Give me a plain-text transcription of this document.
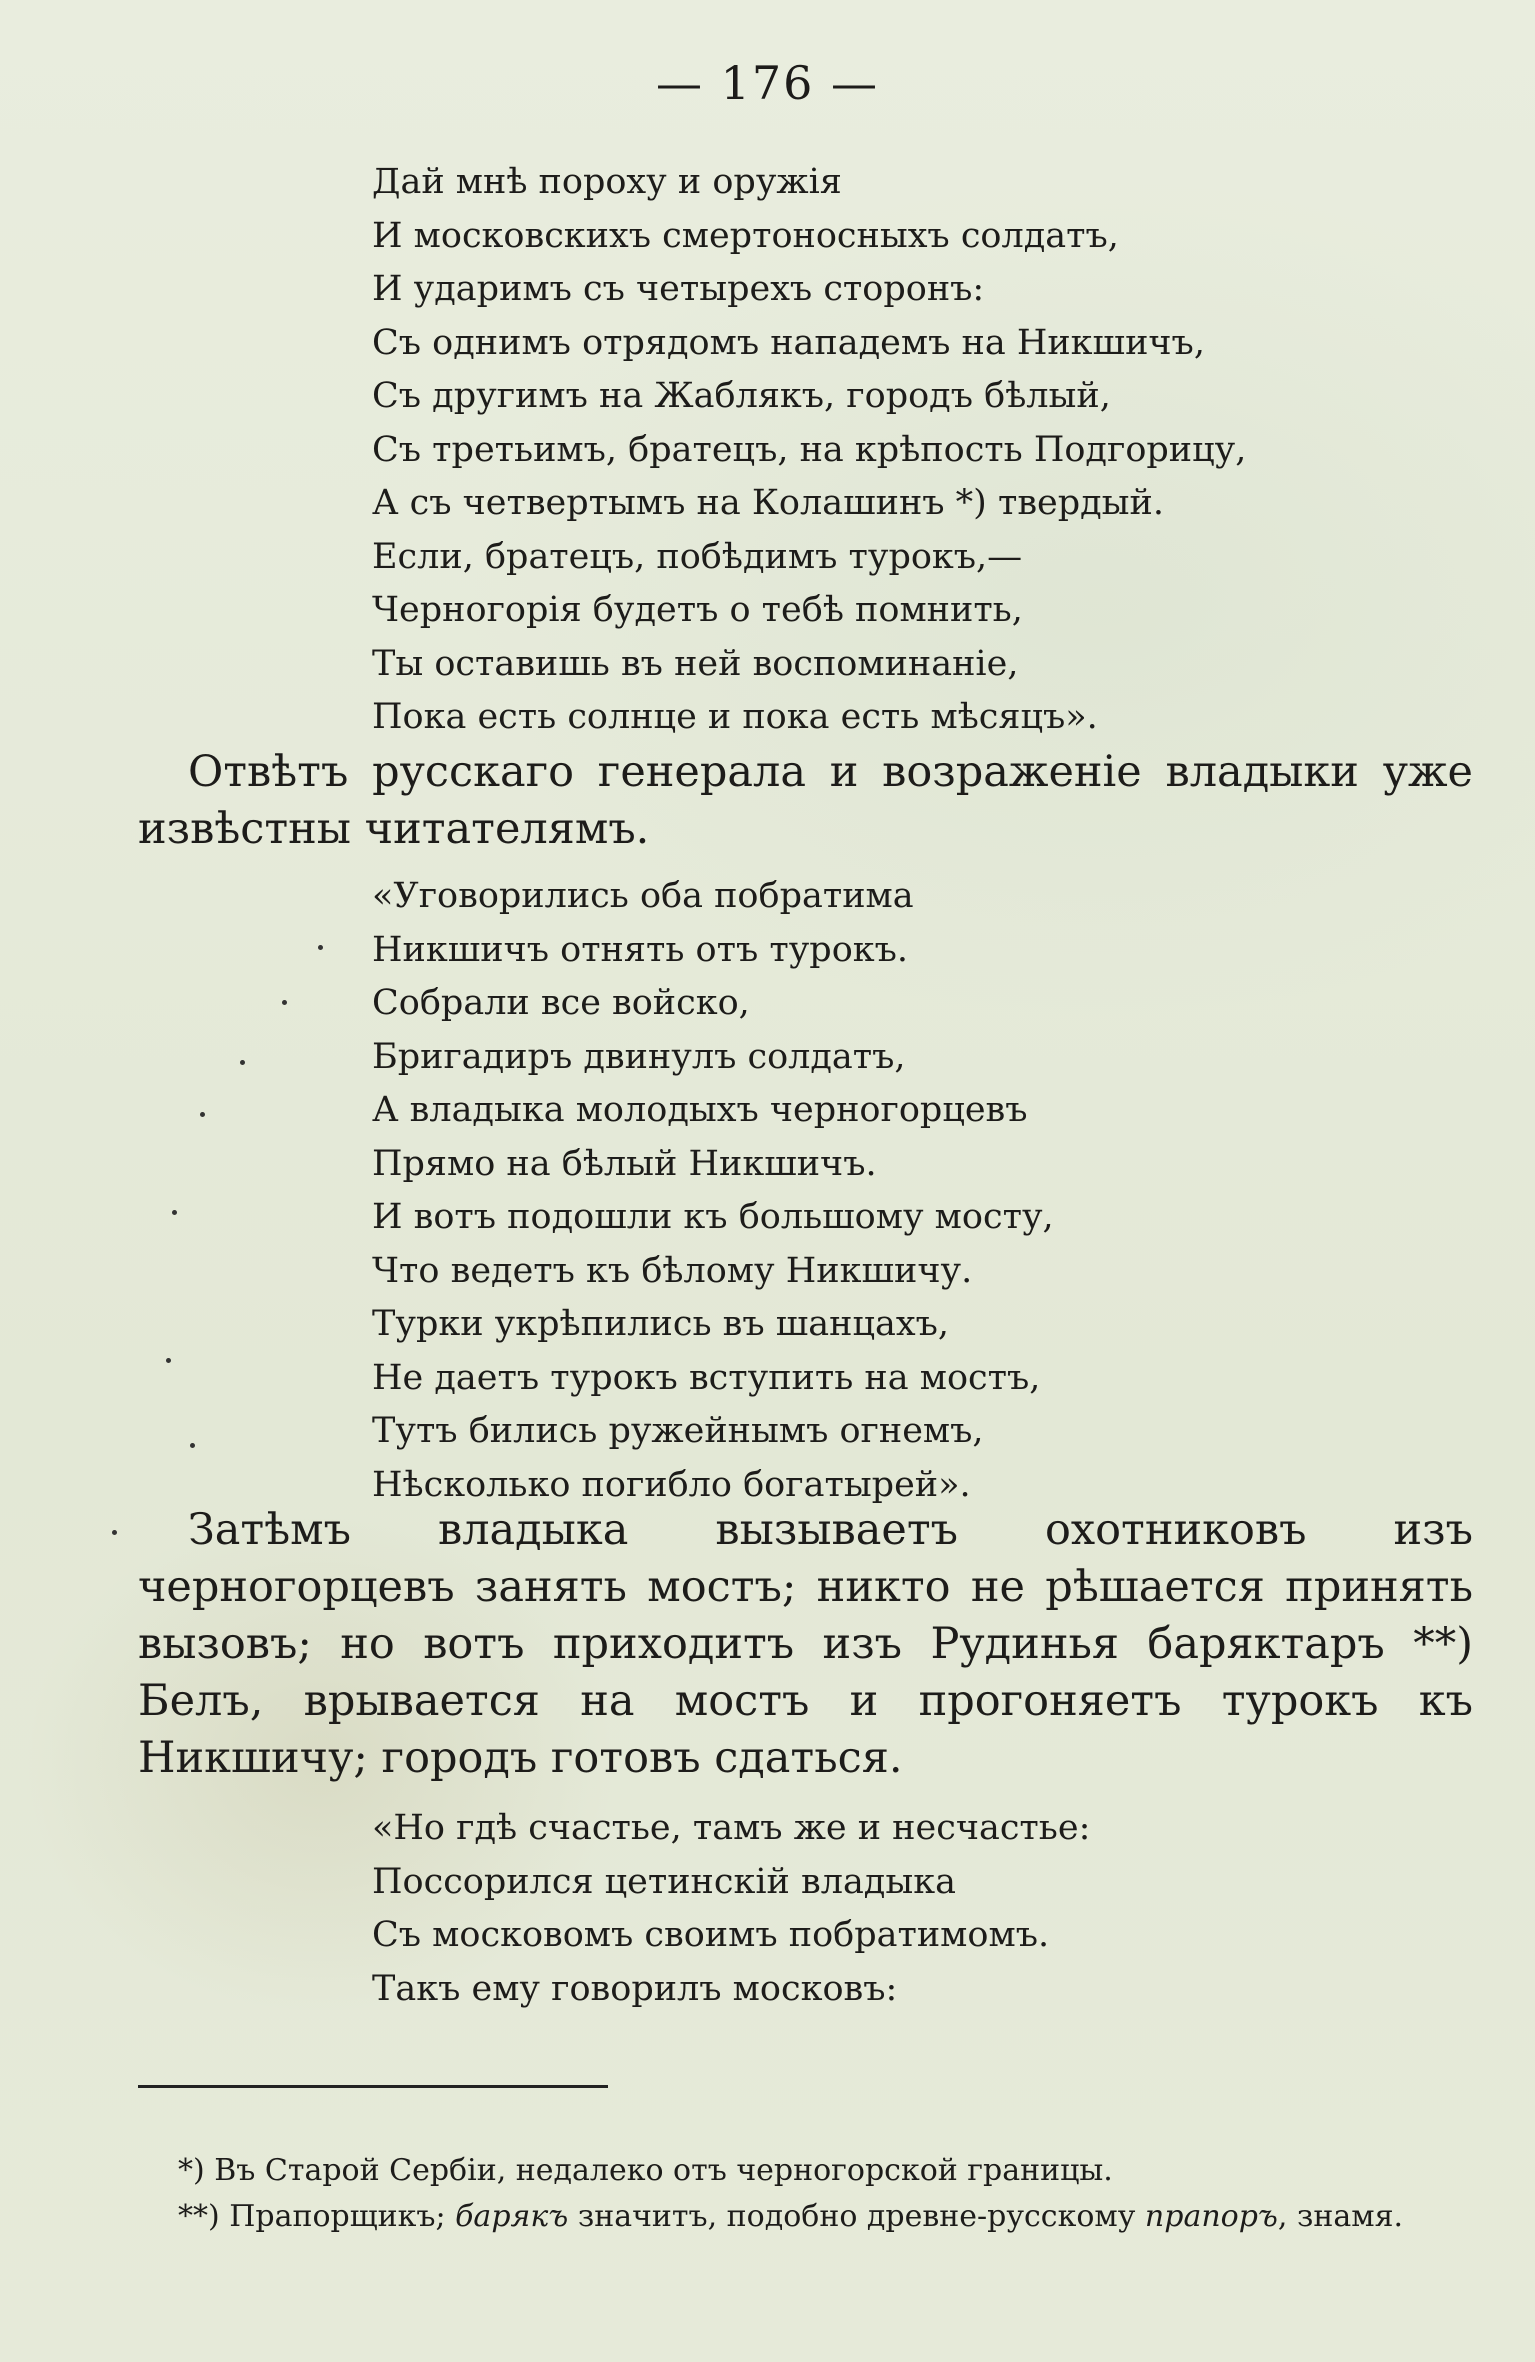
— 176 —
Дай мнѣ пороху и оружія
И московскихъ смертоносныхъ солдатъ,
И ударимъ съ четырехъ сторонъ:
Съ однимъ отрядомъ нападемъ на Никшичъ,
Съ другимъ на Жаблякъ, городъ бѣлый,
Съ третьимъ, братецъ, на крѣпость Подгорицу,
А съ четвертымъ на Колашинъ *) твердый.
Если, братецъ, побѣдимъ турокъ,—
Черногорія будетъ о тебѣ помнить,
Ты оставишь въ ней воспоминаніе,
Пока есть солнце и пока есть мѣсяцъ».
Отвѣтъ русскаго генерала и возраженіе владыки уже извѣстны читателямъ.
«Уговорились оба побратима
Никшичъ отнять отъ турокъ.
Собрали все войско,
Бригадиръ двинулъ солдатъ,
А владыка молодыхъ черногорцевъ
Прямо на бѣлый Никшичъ.
И вотъ подошли къ большому мосту,
Что ведетъ къ бѣлому Никшичу.
Турки укрѣпились въ шанцахъ,
Не даетъ турокъ вступить на мостъ,
Тутъ бились ружейнымъ огнемъ,
Нѣсколько погибло богатырей».
Затѣмъ владыка вызываетъ охотниковъ изъ черногорцевъ занять мостъ; никто не рѣшается принять вызовъ; но вотъ приходитъ изъ Рудинья баряктаръ **) Белъ, врывается на мостъ и прогоняетъ турокъ къ Никшичу; городъ готовъ сдаться.
«Но гдѣ счастье, тамъ же и несчастье:
Поссорился цетинскій владыка
Съ московомъ своимъ побратимомъ.
Такъ ему говорилъ московъ:
*) Въ Старой Сербіи, недалеко отъ черногорской границы.
**) Прапорщикъ; барякъ значитъ, подобно древне-русскому прапоръ, знамя.
